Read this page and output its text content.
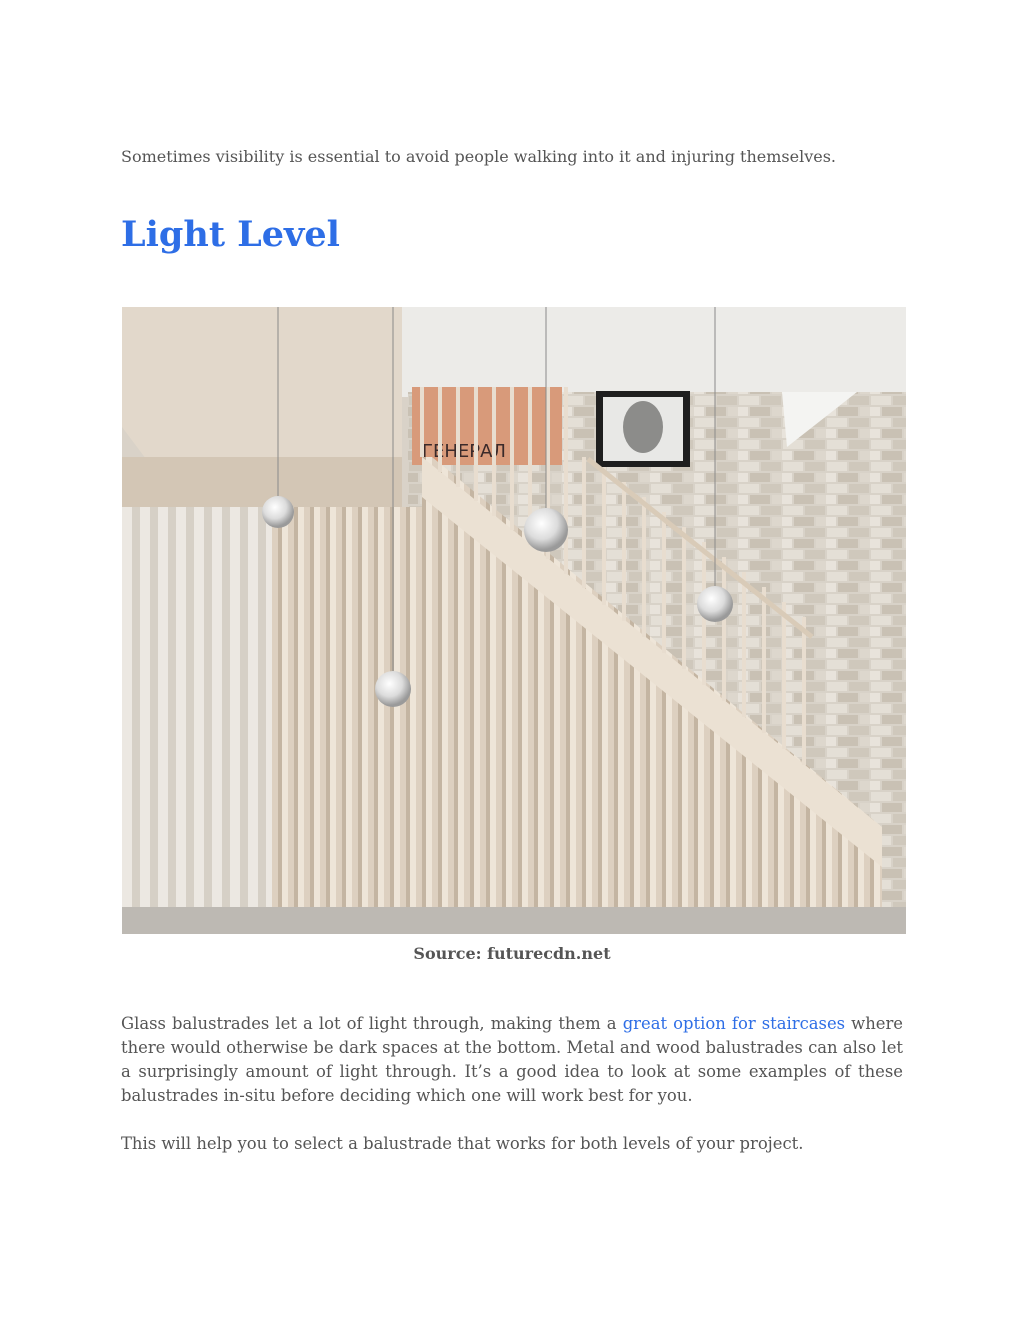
Sometimes visibility is essential to avoid people walking into it and injuring themselves.

Light Level
ГЕНЕРАЛ

Source: futurecdn.net

Glass balustrades let a lot of light through, making them a great option for staircases where there would otherwise be dark spaces at the bottom. Metal and wood balustrades can also let a surprisingly amount of light through. It’s a good idea to look at some examples of these balustrades in-situ before deciding which one will work best for you.

This will help you to select a balustrade that works for both levels of your project.
